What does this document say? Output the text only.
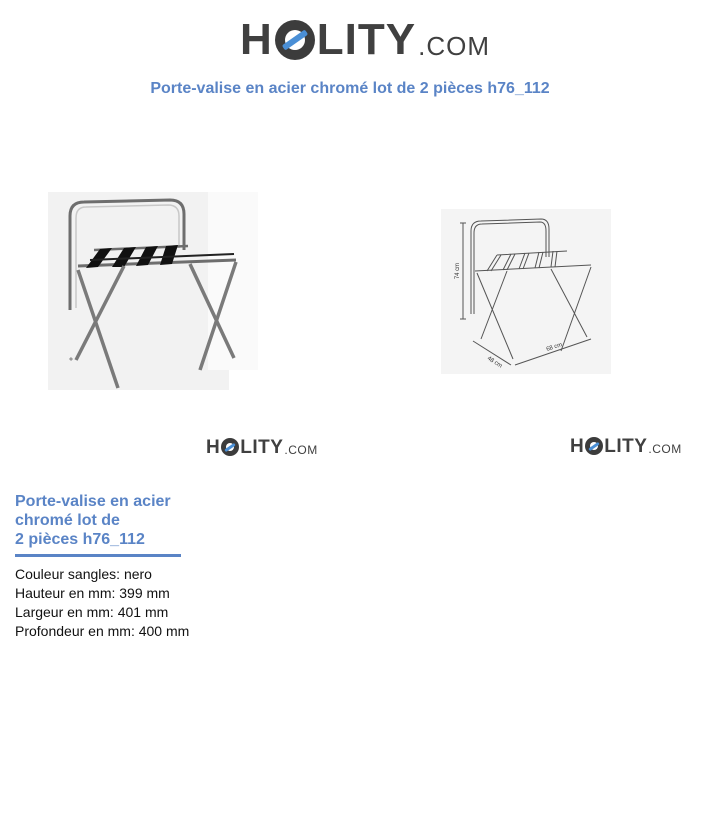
H LITY .COM
Porte-valise en acier chromé lot de 2 pièces h76_112
74 cm
48 cm
68 cm
H LITY .COM	H LITY .COM
Porte-valise en acier
chromé lot de
2 pièces h76_112
Couleur sangles: nero
Hauteur en mm: 399 mm
Largeur en mm: 401 mm
Profondeur en mm: 400 mm
